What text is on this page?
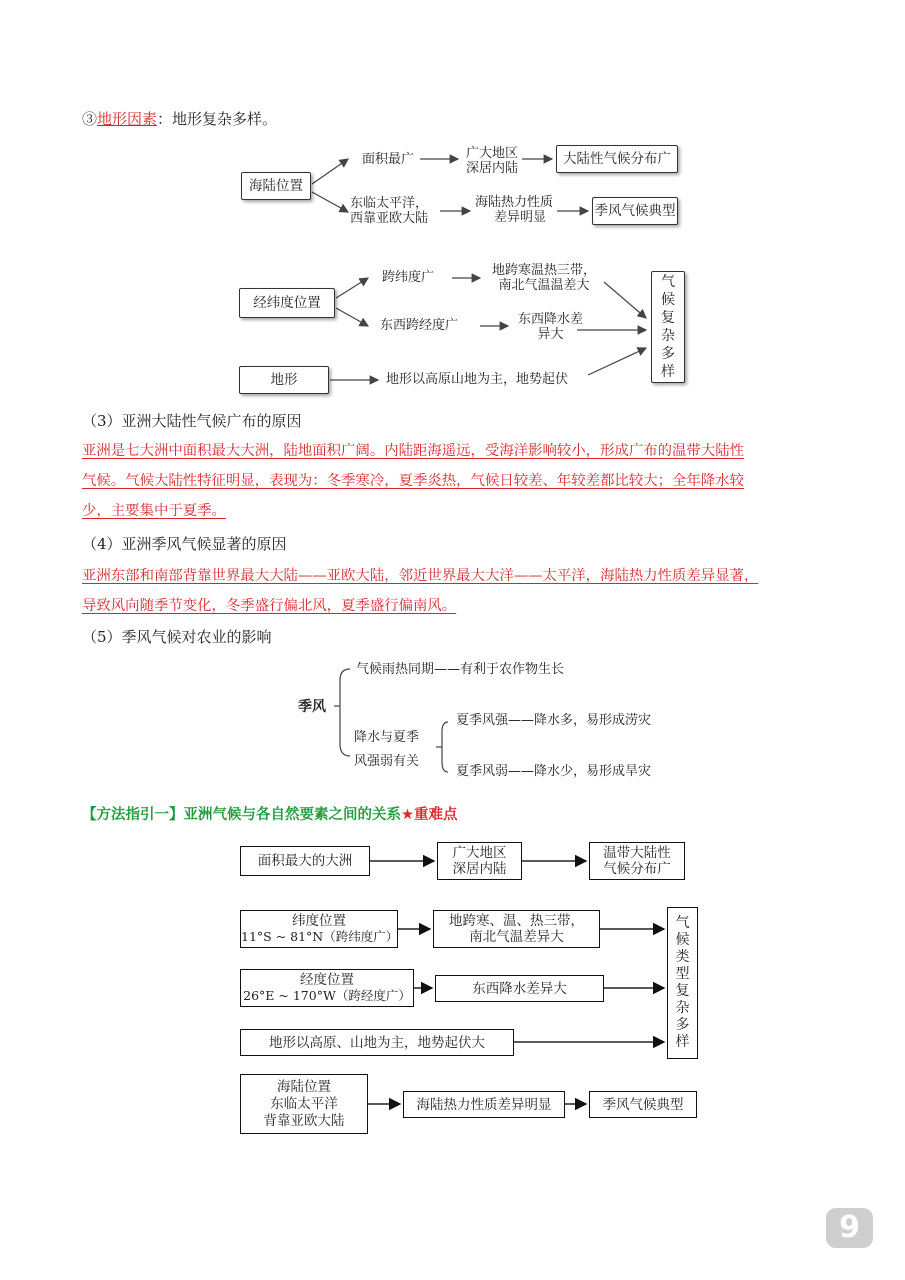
③地形因素：地形复杂多样。
海陆位置
面积最广	广大地区
深居内陆
大陆性气候分布广
东临太平洋，
西靠亚欧大陆
海陆热力性质
差异明显	季风气候典型
经纬度位置
跨纬度广	地跨寒温热三带，
南北气温温差大
东西跨经度广	东西降水差
异大
地形	地形以高原山地为主，地势起伏
气
候
复
杂
多
样
（3）亚洲大陆性气候广布的原因

亚洲是七大洲中面积最大大洲，陆地面积广阔。内陆距海遥远，受海洋影响较小，形成广布的温带大陆性

气候。气候大陆性特征明显，表现为：冬季寒冷，夏季炎热，气候日较差、年较差都比较大；全年降水较

少，主要集中于夏季。

（4）亚洲季风气候显著的原因

亚洲东部和南部背靠世界最大大陆——亚欧大陆，邻近世界最大大洋——太平洋，海陆热力性质差异显著，

导致风向随季节变化，冬季盛行偏北风，夏季盛行偏南风。

（5）季风气候对农业的影响
季风
气候雨热同期——有利于农作物生长
降水与夏季
风强弱有关
夏季风强——降水多，易形成涝灾
夏季风弱——降水少，易形成旱灾
【方法指引一】亚洲气候与各自然要素之间的关系★重难点
面积最大的大洲	广大地区
深居内陆
温带大陆性
气候分布广
纬度位置
11°S ~ 81°N（跨纬度广）
地跨寒、温、热三带，
南北气温差异大
经度位置
26°E ~ 170°W（跨经度广）	东西降水差异大
地形以高原、山地为主，地势起伏大
气
候
类
型
复
杂
多
样
海陆位置
东临太平洋
背靠亚欧大陆
海陆热力性质差异明显	季风气候典型
9
